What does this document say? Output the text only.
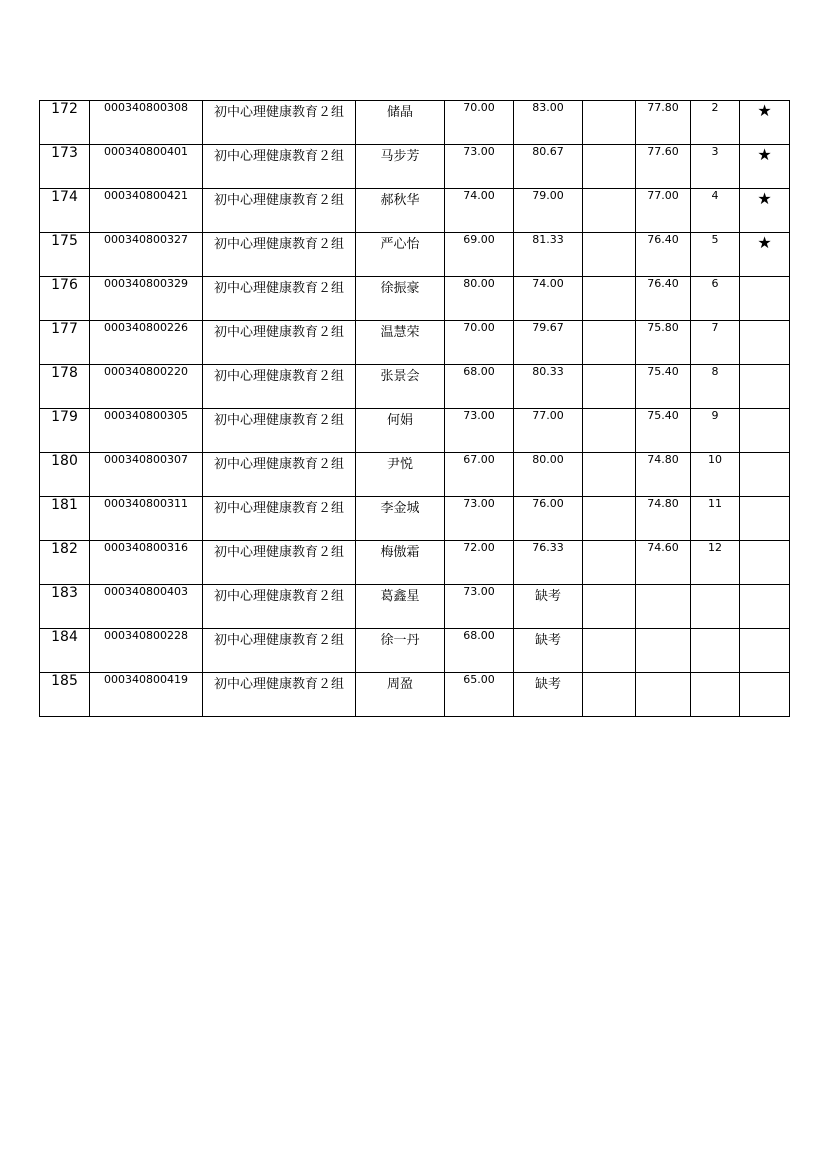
172	000340800308	初中心理健康教育２组	储晶	70.00	83.00		77.80	2	★
173	000340800401	初中心理健康教育２组	马步芳	73.00	80.67		77.60	3	★
174	000340800421	初中心理健康教育２组	郝秋华	74.00	79.00		77.00	4	★
175	000340800327	初中心理健康教育２组	严心怡	69.00	81.33		76.40	5	★
176	000340800329	初中心理健康教育２组	徐振豪	80.00	74.00		76.40	6	
177	000340800226	初中心理健康教育２组	温慧荣	70.00	79.67		75.80	7	
178	000340800220	初中心理健康教育２组	张景会	68.00	80.33		75.40	8	
179	000340800305	初中心理健康教育２组	何娟	73.00	77.00		75.40	9	
180	000340800307	初中心理健康教育２组	尹悦	67.00	80.00		74.80	10	
181	000340800311	初中心理健康教育２组	李金城	73.00	76.00		74.80	11	
182	000340800316	初中心理健康教育２组	梅傲霜	72.00	76.33		74.60	12	
183	000340800403	初中心理健康教育２组	葛鑫星	73.00	缺考				
184	000340800228	初中心理健康教育２组	徐一丹	68.00	缺考				
185	000340800419	初中心理健康教育２组	周盈	65.00	缺考				
